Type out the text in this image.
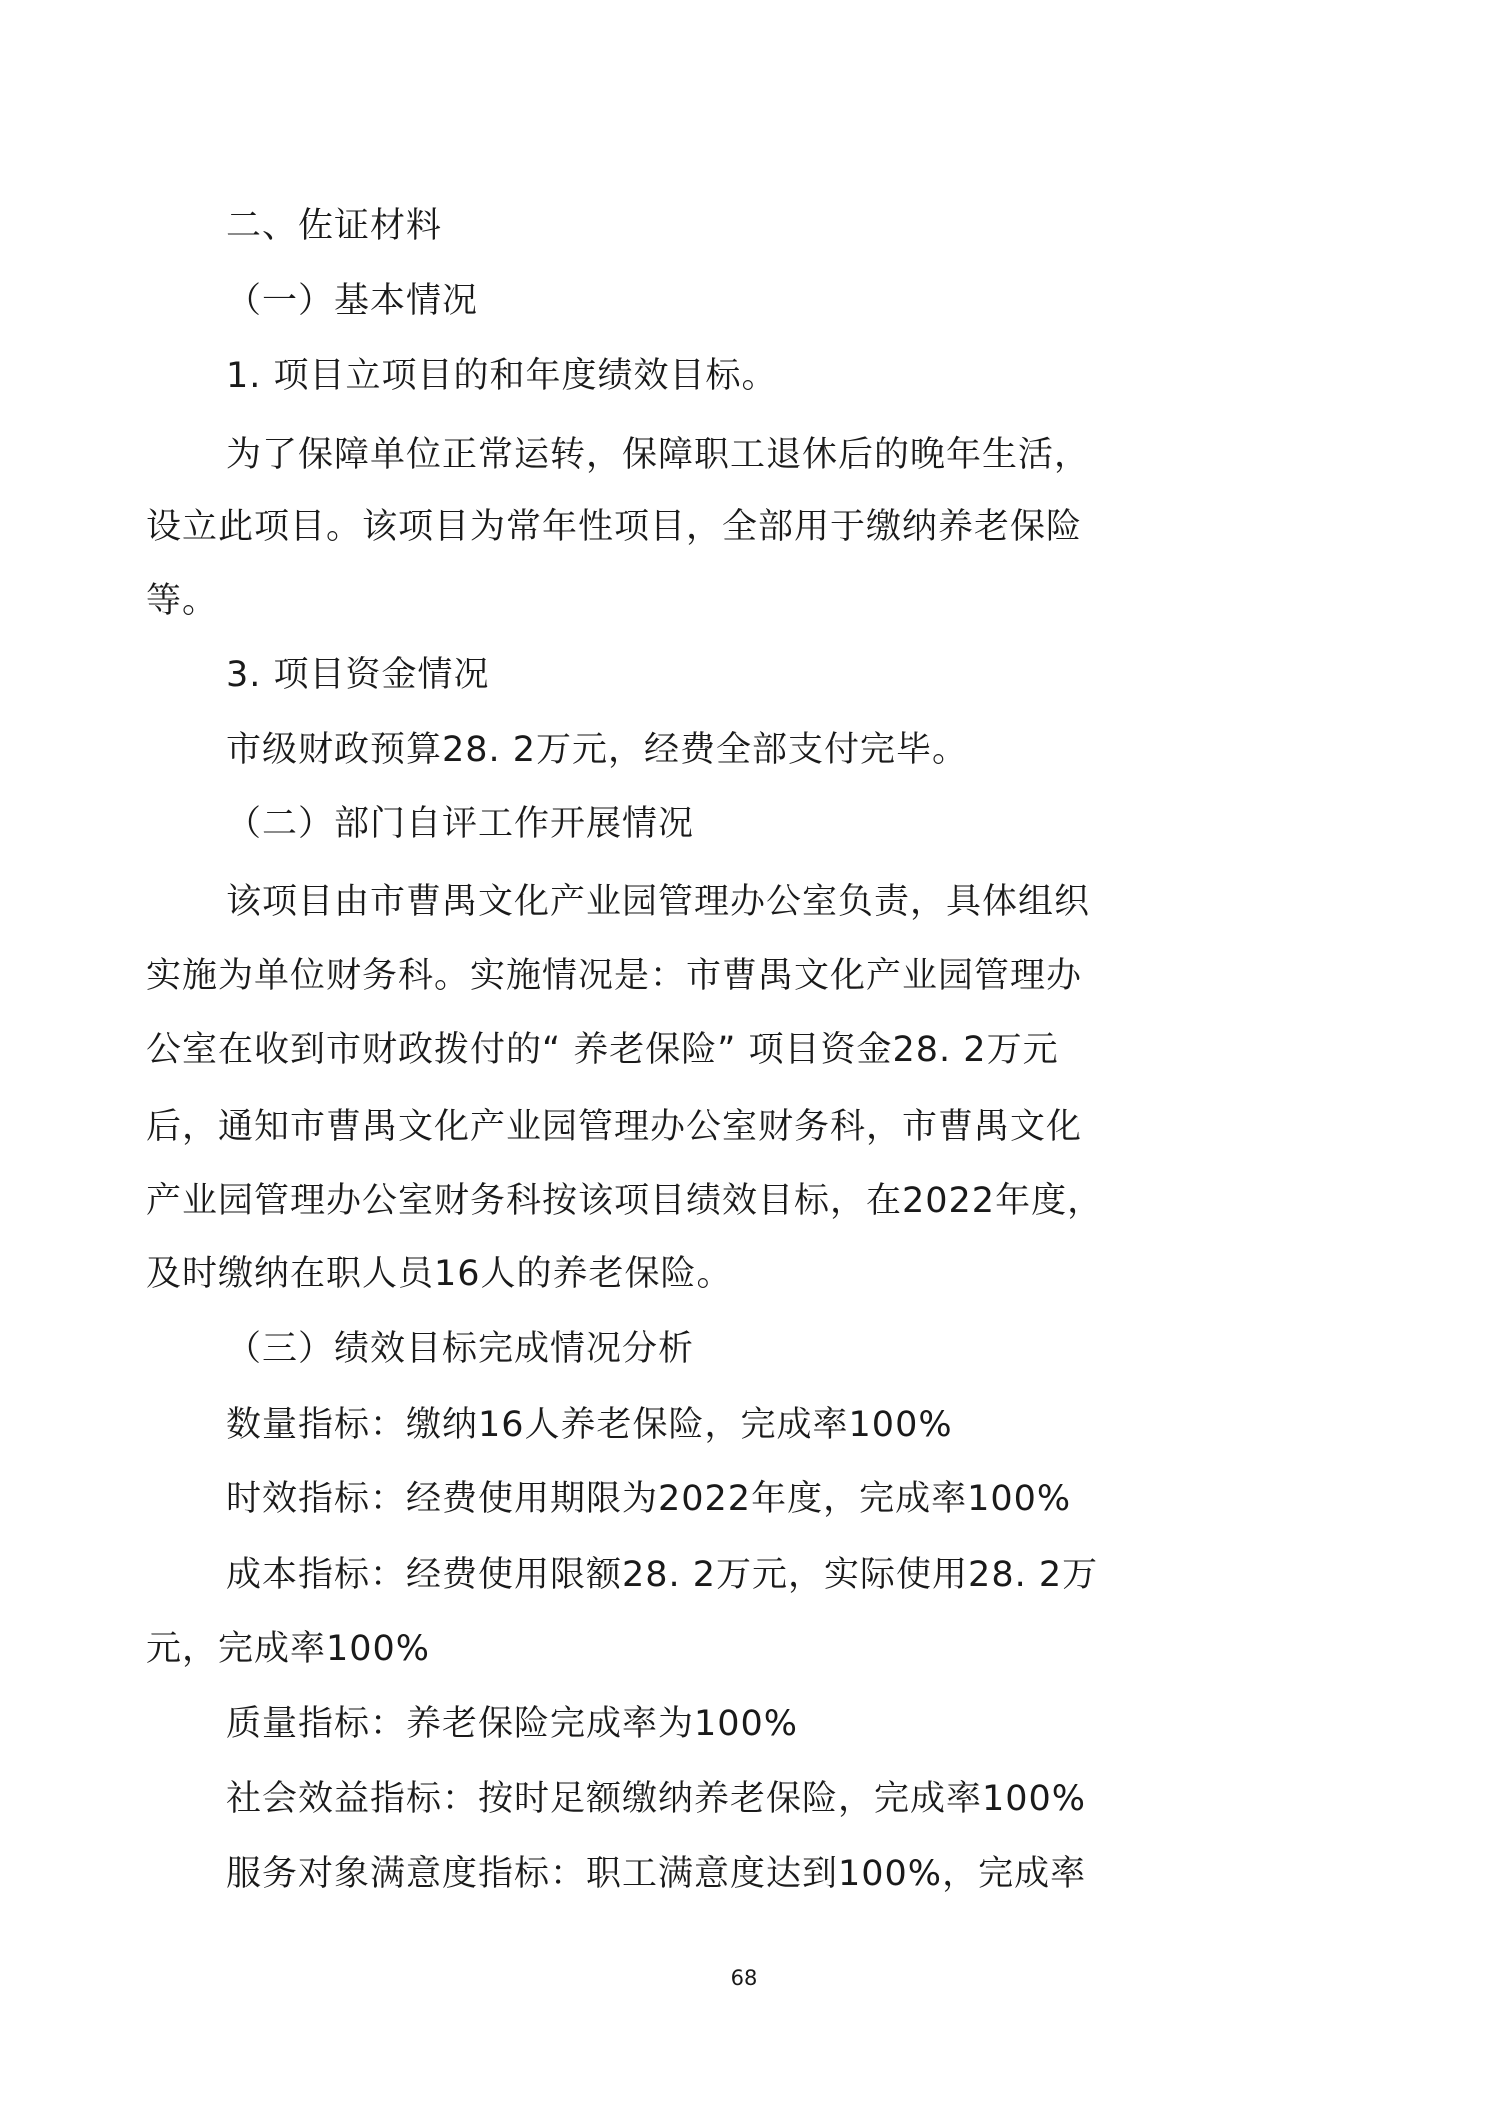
二、佐证材料
（一）基本情况
1. 项目立项目的和年度绩效目标。
为了保障单位正常运转，保障职工退休后的晚年生活，
设立此项目。该项目为常年性项目，全部用于缴纳养老保险
等。
3. 项目资金情况
市级财政预算28. 2万元，经费全部支付完毕。
（二）部门自评工作开展情况
该项目由市曹禺文化产业园管理办公室负责，具体组织
实施为单位财务科。实施情况是：市曹禺文化产业园管理办
公室在收到市财政拨付的“ 养老保险” 项目资金28. 2万元
后，通知市曹禺文化产业园管理办公室财务科，市曹禺文化
产业园管理办公室财务科按该项目绩效目标，在2022年度，
及时缴纳在职人员16人的养老保险。
（三）绩效目标完成情况分析
数量指标：缴纳16人养老保险，完成率100%
时效指标：经费使用期限为2022年度，完成率100%
成本指标：经费使用限额28. 2万元，实际使用28. 2万
元，完成率100%
质量指标：养老保险完成率为100%
社会效益指标：按时足额缴纳养老保险，完成率100%
服务对象满意度指标：职工满意度达到100%，完成率
68
